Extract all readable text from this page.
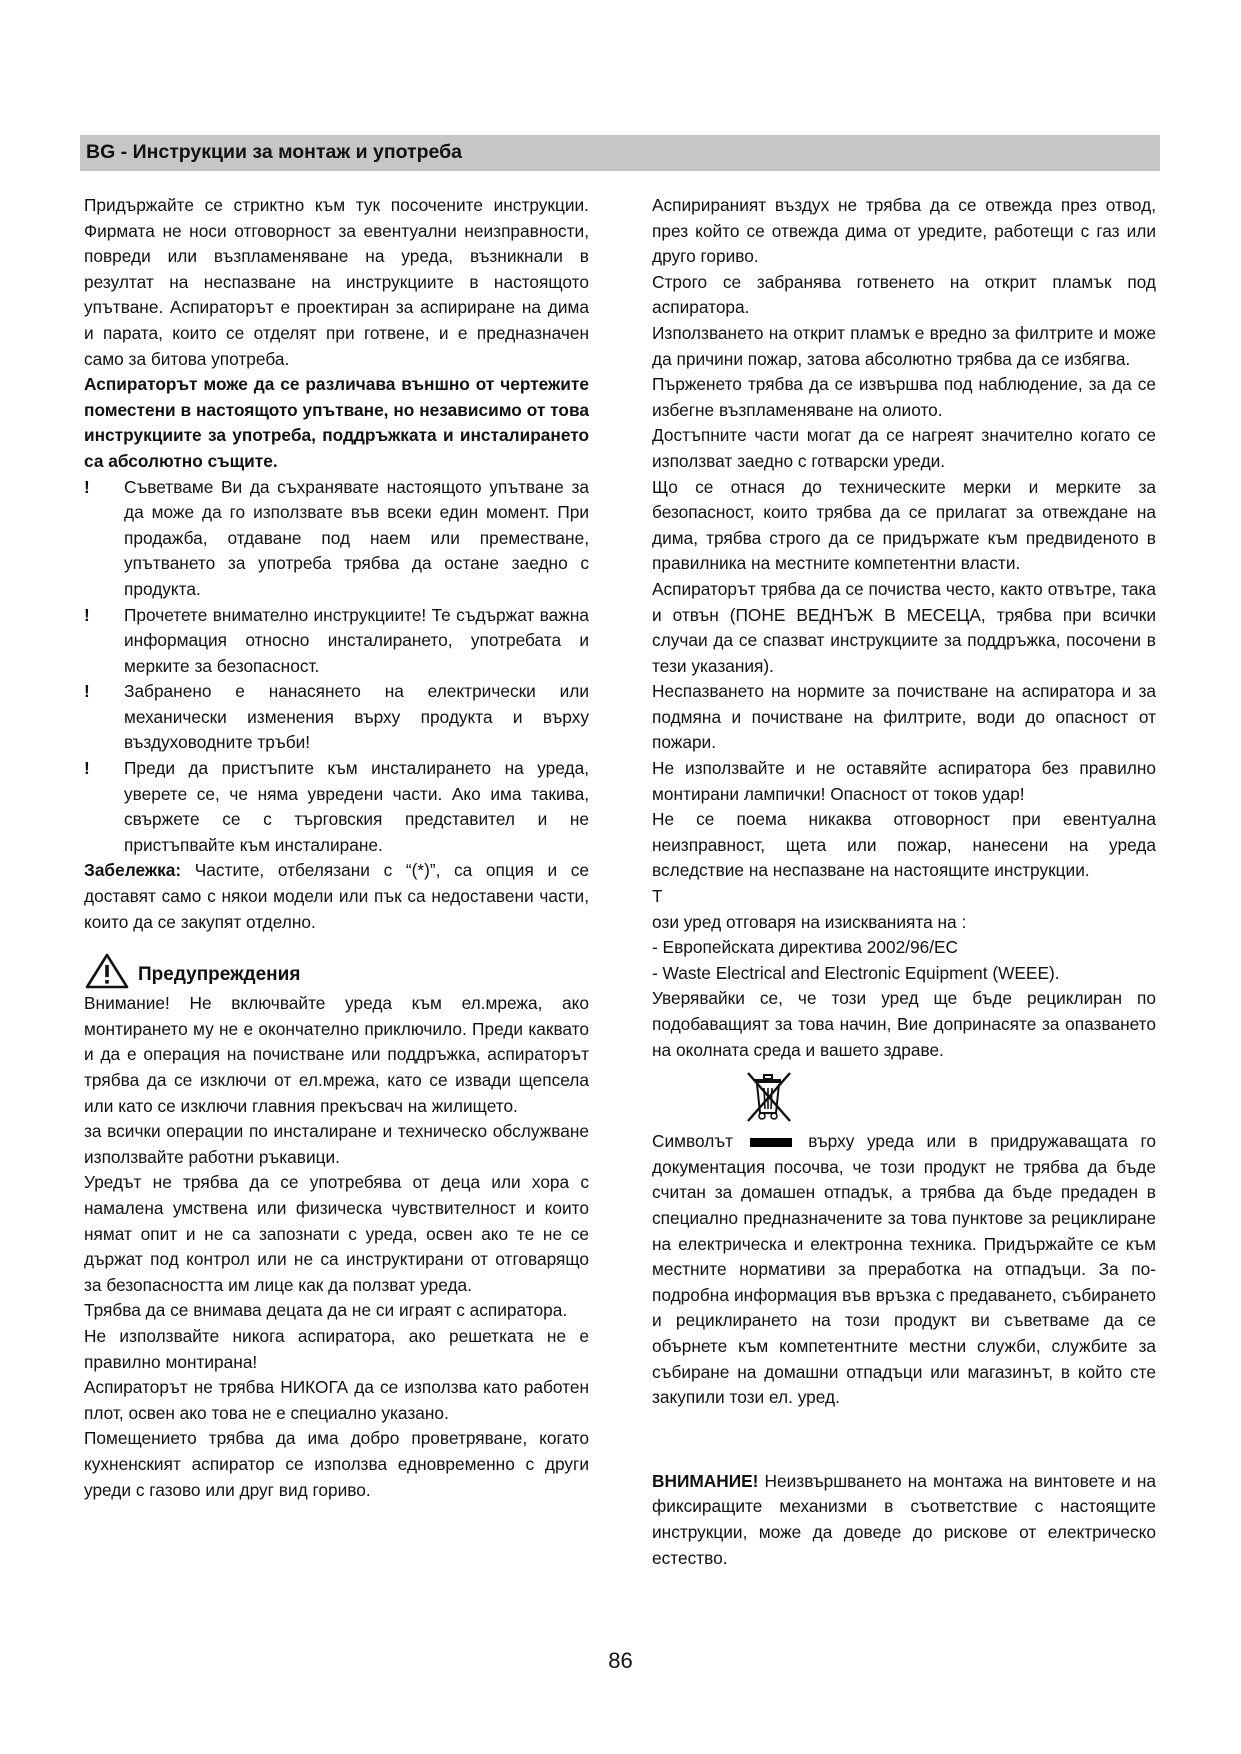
BG - Инструкции за монтаж и употреба

Придържайте се стриктно към тук посочените инструкции. Фирмата не носи отговорност за евентуални неизправности, повреди или възпламеняване на уреда, възникнали в резултат на неспазване на инструкциите в настоящото упътване. Аспираторът е проектиран за аспириране на дима и парата, които се отделят при готвене, и е предназначен само за битова употреба.

Аспираторът може да се различава външно от чертежите поместени в настоящото упътване, но независимо от това инструкциите за употреба, поддръжката и инсталирането са абсолютно същите.

!	Съветваме Ви да съхранявате настоящото упътване за да може да го използвате във всеки един момент. При продажба, отдаване под наем или преместване, упътването за употреба трябва да остане заедно с продукта.
!	Прочетете внимателно инструкциите! Те съдържат важна информация относно инсталирането, употребата и мерките за безопасност.
!	Забранено е нанасянето на електрически или механически изменения върху продукта и върху въздуховодните тръби!
!	Преди да пристъпите към инсталирането на уреда, уверете се, че няма увредени части. Ако има такива, свържете се с търговския представител и не пристъпвайте към инсталиране.

Забележка: Частите, отбелязани с “(*)”, са опция и се доставят само с някои модели или пък са недоставени части, които да се закупят отделно.

Предупреждения

Внимание! Не включвайте уреда към ел.мрежа, ако монтирането му не е окончателно приключило. Преди каквато и да е операция на почистване или поддръжка, аспираторът трябва да се изключи от ел.мрежа, като се извади щепсела или като се изключи главния прекъсвач на жилището.

за всички операции по инсталиране и техническо обслужване използвайте работни ръкавици.

Уредът не трябва да се употребява от деца или хора с намалена умствена или физическа чувствителност и които нямат опит и не са запознати с уреда, освен ако те не се държат под контрол или не са инструктирани от отговарящо за безопасността им лице как да ползват уреда.

Трябва да се внимава децата да не си играят с аспиратора.

Не използвайте никога аспиратора, ако решетката не е правилно монтирана!

Аспираторът не трябва НИКОГА да се използва като работен плот, освен ако това не е специално указано.

Помещението трябва да има добро проветряване, когато кухненският аспиратор се използва едновременно с други уреди с газово или друг вид гориво.

Аспирираният въздух не трябва да се отвежда през отвод, през който се отвежда дима от уредите, работещи с газ или друго гориво.

Строго се забранява готвенето на открит пламък под аспиратора.

Използването на открит пламък е вредно за филтрите и може да причини пожар, затова абсолютно трябва да се избягва.

Пърженето трябва да се извършва под наблюдение, за да се избегне възпламеняване на олиото.

Достъпните части могат да се нагреят значително когато се използват заедно с готварски уреди.

Що се отнася до техническите мерки и мерките за безопасност, които трябва да се прилагат за отвеждане на дима, трябва строго да се придържате към предвиденото в правилника на местните компетентни власти.

Аспираторът трябва да се почиства често, както отвътре, така и отвън (ПОНЕ ВЕДНЪЖ В МЕСЕЦА, трябва при всички случаи да се спазват инструкциите за поддръжка, посочени в тези указания).

Неспазването на нормите за почистване на аспиратора и за подмяна и почистване на филтрите, води до опасност от пожари.

Не използвайте и не оставяйте аспиратора без правилно монтирани лампички! Опасност от токов удар!

Не се поема никаква отговорност при евентуална неизправност, щета или пожар, нанесени на уреда вследствие на неспазване на настоящите инструкции.

Т

ози уред отговаря на изискванията на :

- Европейската директива 2002/96/EC

- Waste Electrical and Electronic Equipment (WEEE).

Уверявайки се, че този уред ще бъде рециклиран по подобаващият за това начин, Вие допринасяте за опазването на околната среда и вашето здраве.

Символът	върху уреда или в придружаващата го документация посочва, че този продукт не трябва да бъде считан за домашен отпадък, а трябва да бъде предаден в специално предназначените за това пунктове за рециклиране на електрическа и електронна техника. Придържайте се към местните нормативи за преработка на отпадъци. За по-подробна информация във връзка с предаването, събирането и рециклирането на този продукт ви съветваме да се обърнете към компетентните местни служби, службите за събиране на домашни отпадъци или магазинът, в който сте закупили този ел. уред.

ВНИМАНИЕ! Неизвършването на монтажа на винтовете и на фиксиращите механизми в съответствие с настоящите инструкции, може да доведе до рискове от електрическо естество.

86
